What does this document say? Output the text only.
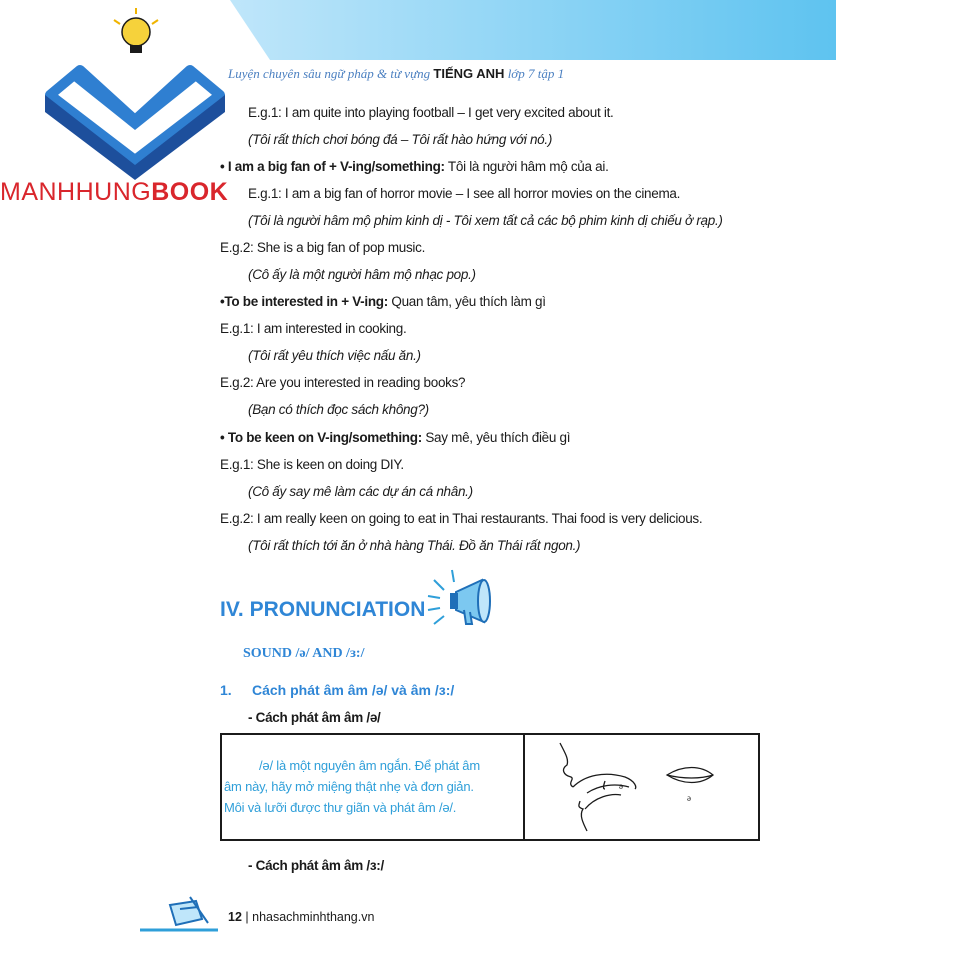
MANHHUNGBOOK
Luyện chuyên sâu ngữ pháp & từ vựng TIẾNG ANH lớp 7 tập 1
E.g.1: I am quite into playing football – I get very excited about it.
(Tôi rất thích chơi bóng đá – Tôi rất hào hứng với nó.)
• I am a big fan of + V-ing/something: Tôi là người hâm mộ của ai.
E.g.1: I am a big fan of horror movie – I see all horror movies on the cinema.
(Tôi là người hâm mộ phim kinh dị - Tôi xem tất cả các bộ phim kinh dị chiếu ở rạp.)
E.g.2: She is a big fan of pop music.
(Cô ấy là một người hâm mộ nhạc pop.)
•To be interested in + V-ing: Quan tâm, yêu thích làm gì
E.g.1: I am interested in cooking.
(Tôi rất yêu thích việc nấu ăn.)
E.g.2: Are you interested in reading books?
(Bạn có thích đọc sách không?)
• To be keen on V-ing/something: Say mê, yêu thích điều gì
E.g.1: She is keen on doing DIY.
(Cô ấy say mê làm các dự án cá nhân.)
E.g.2: I am really keen on going to eat in Thai restaurants. Thai food is very delicious.
(Tôi rất thích tới ăn ở nhà hàng Thái. Đồ ăn Thái rất ngon.)
IV. PRONUNCIATION
SOUND /ə/ AND /ɜ:/
1. Cách phát âm âm /ə/ và âm /ɜ:/
- Cách phát âm âm /ə/
/ə/ là một nguyên âm ngắn. Để phát âm
âm này, hãy mở miệng thật nhẹ và đơn giản.
Môi và lưỡi được thư giãn và phát âm /ə/.
ə
ə
- Cách phát âm âm /ɜ:/
12 | nhasachminhthang.vn
